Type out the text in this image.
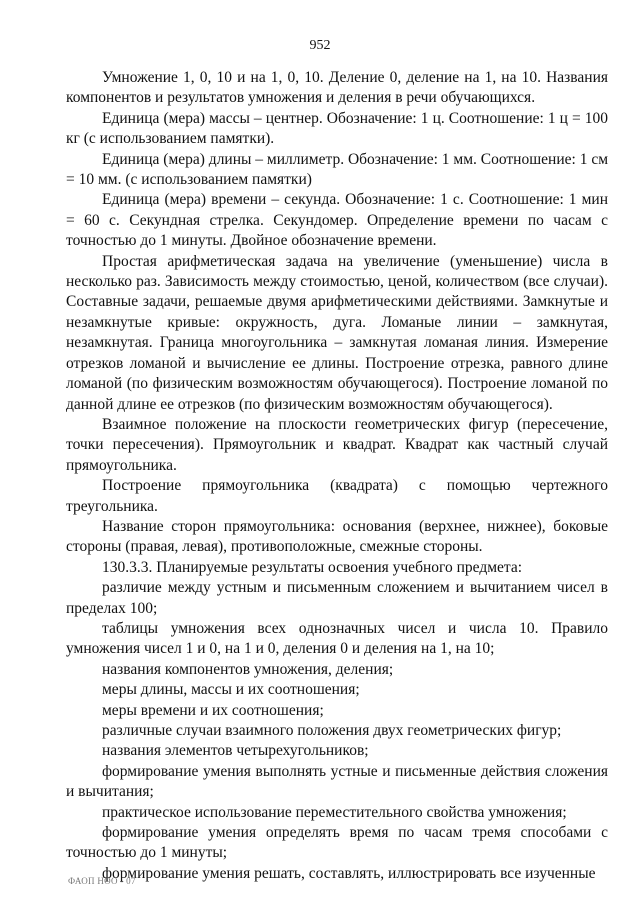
952

Умножение 1, 0, 10 и на 1, 0, 10. Деление 0, деление на 1, на 10. Названия компонентов и результатов умножения и деления в речи обучающихся.

Единица (мера) массы – центнер. Обозначение: 1 ц. Соотношение: 1 ц = 100 кг (с использованием памятки).

Единица (мера) длины – миллиметр. Обозначение: 1 мм. Соотношение: 1 см = 10 мм. (с использованием памятки)

Единица (мера) времени – секунда. Обозначение: 1 с. Соотношение: 1 мин = 60 с. Секундная стрелка. Секундомер. Определение времени по часам с точностью до 1 минуты. Двойное обозначение времени.

Простая арифметическая задача на увеличение (уменьшение) числа в несколько раз. Зависимость между стоимостью, ценой, количеством (все случаи). Составные задачи, решаемые двумя арифметическими действиями. Замкнутые и незамкнутые кривые: окружность, дуга. Ломаные линии – замкнутая, незамкнутая. Граница многоугольника – замкнутая ломаная линия. Измерение отрезков ломаной и вычисление ее длины. Построение отрезка, равного длине ломаной (по физическим возможностям обучающегося). Построение ломаной по данной длине ее отрезков (по физическим возможностям обучающегося).

Взаимное положение на плоскости геометрических фигур (пересечение, точки пересечения). Прямоугольник и квадрат. Квадрат как частный случай прямоугольника.

Построение прямоугольника (квадрата) с помощью чертежного треугольника.

Название сторон прямоугольника: основания (верхнее, нижнее), боковые стороны (правая, левая), противоположные, смежные стороны.

130.3.3. Планируемые результаты освоения учебного предмета:

различие между устным и письменным сложением и вычитанием чисел в пределах 100;

таблицы умножения всех однозначных чисел и числа 10. Правило умножения чисел 1 и 0, на 1 и 0, деления 0 и деления на 1, на 10;

названия компонентов умножения, деления;

меры длины, массы и их соотношения;

меры времени и их соотношения;

различные случаи взаимного положения двух геометрических фигур;

названия элементов четырехугольников;

формирование умения выполнять устные и письменные действия сложения и вычитания;

практическое использование переместительного свойства умножения;

формирование умения определять время по часам тремя способами с точностью до 1 минуты;

формирование умения решать, составлять, иллюстрировать все изученные

ФАОП НОО - 07
